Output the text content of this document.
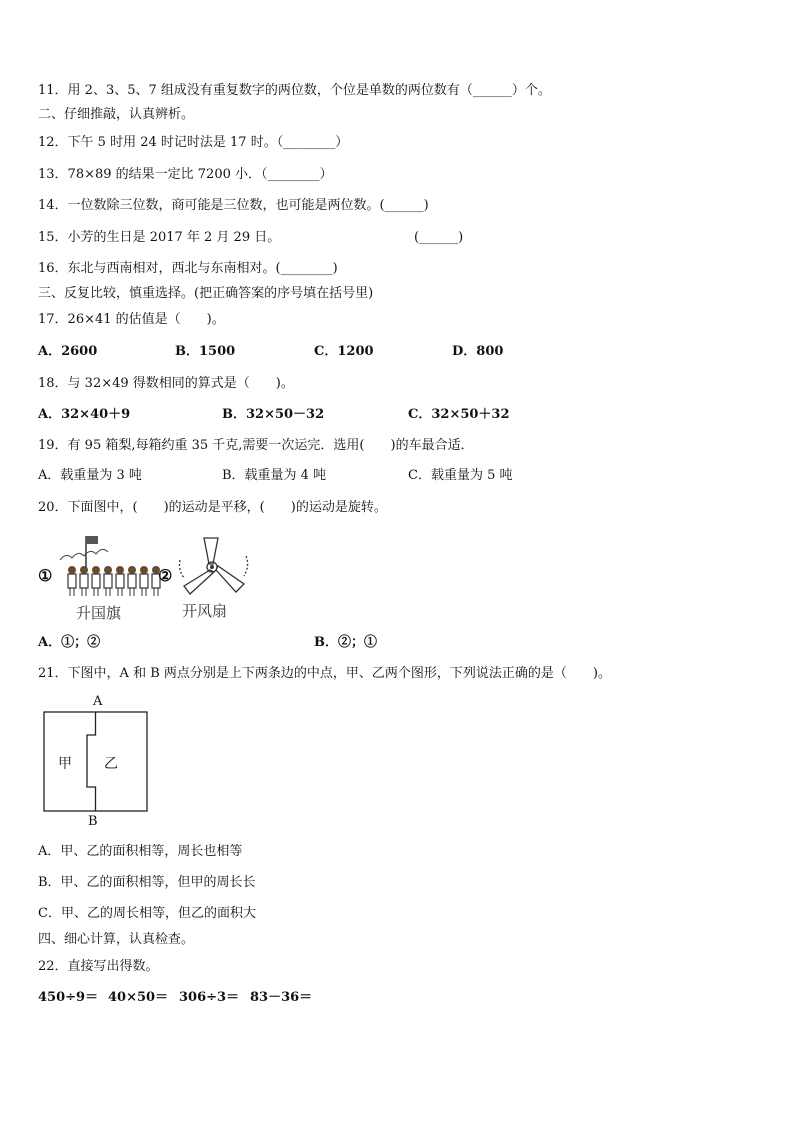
11．用 2、3、5、7 组成没有重复数字的两位数，个位是单数的两位数有（______）个。
二、仔细推敲，认真辨析。
12．下午 5 时用 24 时记时法是 17 时。（________）
13．78×89 的结果一定比 7200 小．（________）
14．一位数除三位数，商可能是三位数，也可能是两位数。(______)
15．小芳的生日是 2017 年 2 月 29 日。	(______)
16．东北与西南相对，西北与东南相对。(________)
三、反复比较，慎重选择。(把正确答案的序号填在括号里)
17．26×41 的估值是（　　)。
A．2600	B．1500	C．1200	D．800
18．与 32×49 得数相同的算式是（　　)。
A．32×40＋9	B．32×50－32	C．32×50＋32
19．有 95 箱梨,每箱约重 35 千克,需要一次运完．选用(　　)的车最合适．
A．载重量为 3 吨	B．载重量为 4 吨	C．载重量为 5 吨
20．下面图中，(　　)的运动是平移，(　　)的运动是旋转。
①
升国旗
②
开风扇
A．①；②	B．②；①
21．下图中，A 和 B 两点分别是上下两条边的中点，甲、乙两个图形，下列说法正确的是（　　)。
A
甲 乙
B
A．甲、乙的面积相等，周长也相等
B．甲、乙的面积相等，但甲的周长长
C．甲、乙的周长相等，但乙的面积大
四、细心计算，认真检查。
22．直接写出得数。
450÷9＝ 40×50＝ 306÷3＝ 83－36＝
